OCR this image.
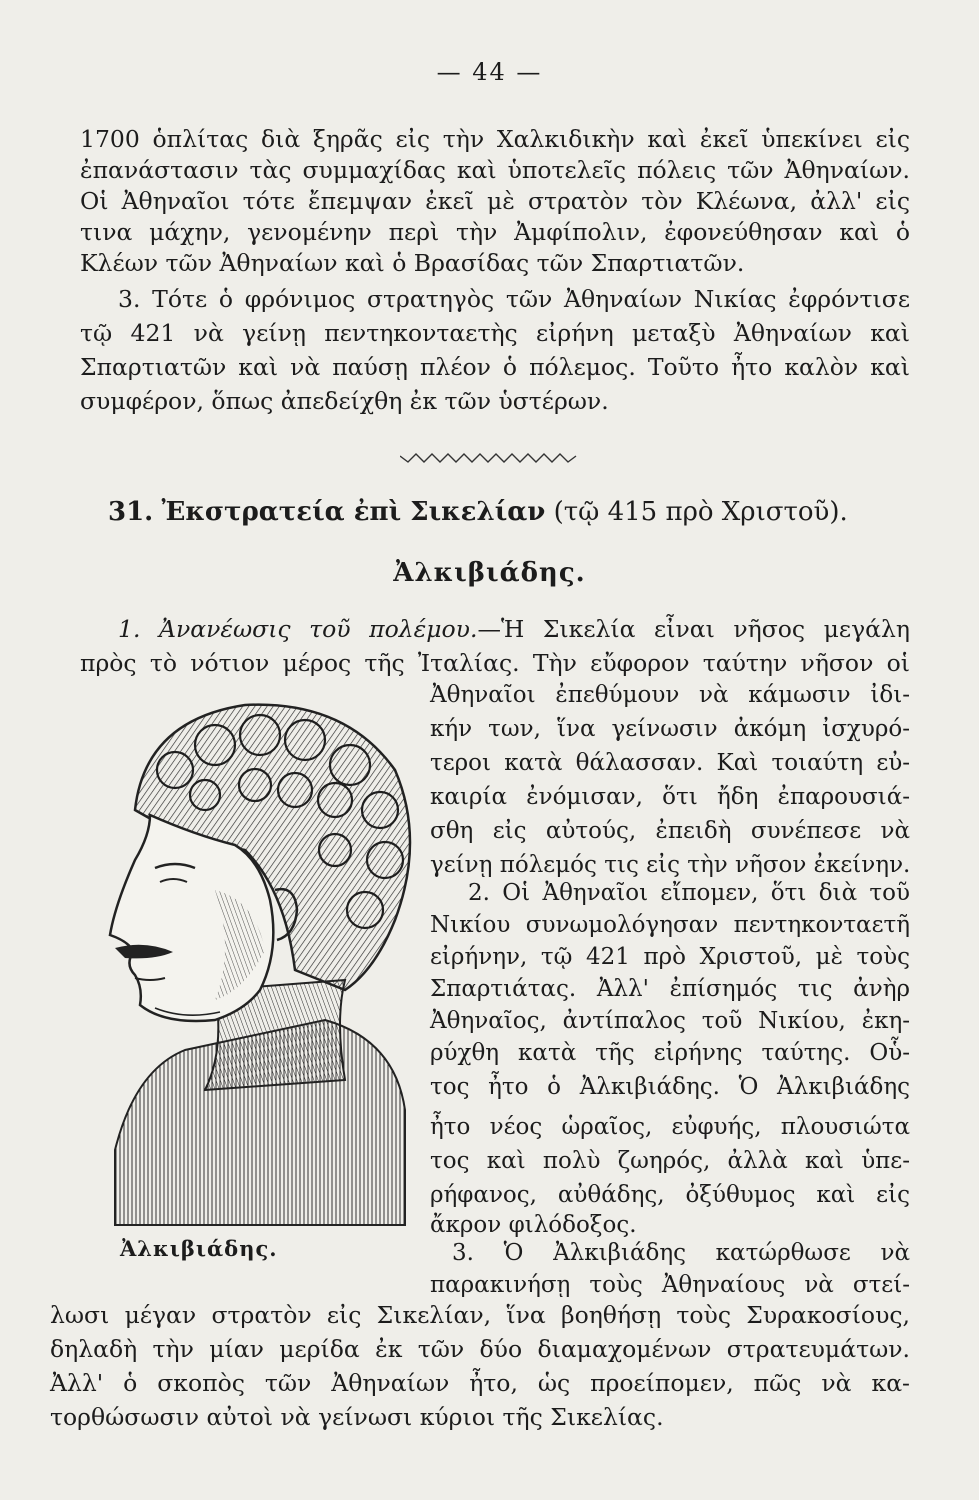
— 44 —
1700 ὁπλίτας διὰ ξηρᾶς εἰς τὴν Χαλκιδικὴν καὶ ἐκεῖ ὑπεκίνει εἰς
ἐπανάστασιν τὰς συμμαχίδας καὶ ὑποτελεῖς πόλεις τῶν Ἀθηναίων.
Οἱ Ἀθηναῖοι τότε ἔπεμψαν ἐκεῖ μὲ στρατὸν τὸν Κλέωνα, ἀλλ' εἰς
τινα μάχην, γενομένην περὶ τὴν Ἀμφίπολιν, ἐφονεύθησαν καὶ ὁ
Κλέων τῶν Ἀθηναίων καὶ ὁ Βρασίδας τῶν Σπαρτιατῶν.
3. Τότε ὁ φρόνιμος στρατηγὸς τῶν Ἀθηναίων Νικίας ἐφρόντισε
τῷ 421 νὰ γείνῃ πεντηκονταετὴς εἰρήνη μεταξὺ Ἀθηναίων καὶ
Σπαρτιατῶν καὶ νὰ παύσῃ πλέον ὁ πόλεμος. Τοῦτο ἦτο καλὸν καὶ
συμφέρον, ὅπως ἀπεδείχθη ἐκ τῶν ὑστέρων.
31. Ἐκστρατεία ἐπὶ Σικελίαν (τῷ 415 πρὸ Χριστοῦ).
Ἀλκιβιάδης.
1. Ἀνανέωσις τοῦ πολέμου.—Ἡ Σικελία εἶναι νῆσος μεγάλη
πρὸς τὸ νότιον μέρος τῆς Ἰταλίας. Τὴν εὔφορον ταύτην νῆσον οἱ
Ἀθηναῖοι ἐπεθύμουν νὰ κάμωσιν ἰδι-
κήν των, ἵνα γείνωσιν ἀκόμη ἰσχυρό-
τεροι κατὰ θάλασσαν. Καὶ τοιαύτη εὐ-
καιρία ἐνόμισαν, ὅτι ἤδη ἐπαρουσιά-
σθη εἰς αὐτούς, ἐπειδὴ συνέπεσε νὰ
γείνῃ πόλεμός τις εἰς τὴν νῆσον ἐκείνην.
2. Οἱ Ἀθηναῖοι εἴπομεν, ὅτι διὰ τοῦ
Νικίου συνωμολόγησαν πεντηκονταετῆ
εἰρήνην, τῷ 421 πρὸ Χριστοῦ, μὲ τοὺς
Σπαρτιάτας. Ἀλλ' ἐπίσημός τις ἀνὴρ
Ἀθηναῖος, ἀντίπαλος τοῦ Νικίου, ἐκη-
ρύχθη κατὰ τῆς εἰρήνης ταύτης. Οὗ-
τος ἦτο ὁ Ἀλκιβιάδης. Ὁ Ἀλκιβιάδης
ἦτο νέος ὡραῖος, εὐφυής, πλουσιώτα
τος καὶ πολὺ ζωηρός, ἀλλὰ καὶ ὑπε-
ρήφανος, αὐθάδης, ὀξύθυμος καὶ εἰς
ἄκρον φιλόδοξος.
3. Ὁ Ἀλκιβιάδης κατώρθωσε νὰ
παρακινήσῃ τοὺς Ἀθηναίους νὰ στεί-
Ἀλκιβιάδης.
λωσι μέγαν στρατὸν εἰς Σικελίαν, ἵνα βοηθήσῃ τοὺς Συρακοσίους,
δηλαδὴ τὴν μίαν μερίδα ἐκ τῶν δύο διαμαχομένων στρατευμάτων.
Ἀλλ' ὁ σκοπὸς τῶν Ἀθηναίων ἦτο, ὡς προείπομεν, πῶς νὰ κα-
τορθώσωσιν αὐτοὶ νὰ γείνωσι κύριοι τῆς Σικελίας.
